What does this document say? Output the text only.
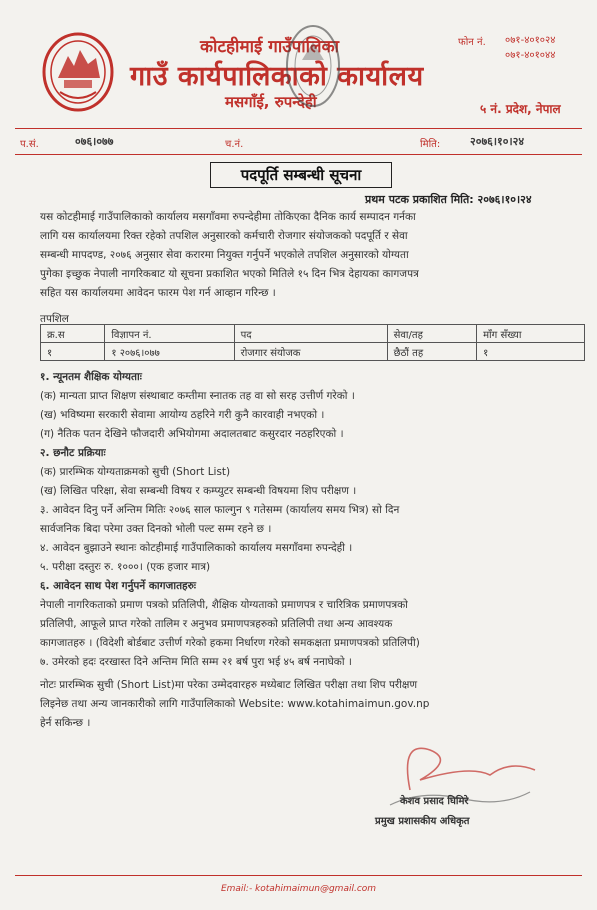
कोटहीमाई गाउँपालिका
गाउँ कार्यपालिकाको कार्यालय
मसगाँई, रुपन्देही
फोन नं. ०७१-४०१०२४
०७१-४०१०४४
५ नं. प्रदेश, नेपाल
प.सं.	०७६।०७७	च.नं.	मिति:	२०७६।१०।२४
पदपूर्ति सम्बन्धी सूचना
प्रथम पटक प्रकाशित मिति: २०७६।१०।२४

यस कोटहीमाई गाउँपालिकाको कार्यालय मसगाँवमा रुपन्देहीमा तोकिएका दैनिक कार्य सम्पादन गर्नका

लागि यस कार्यालयमा रिक्त रहेको तपशिल अनुसारको कर्मचारी रोजगार संयोजकको पदपूर्ति र सेवा

सम्बन्धी मापदण्ड, २०७६ अनुसार सेवा करारमा नियुक्त गर्नुपर्ने भएकोले तपशिल अनुसारको योग्यता

पुगेका इच्छुक नेपाली नागरिकबाट यो सूचना प्रकाशित भएको मितिले १५ दिन भित्र देहायका कागजपत्र

सहित यस कार्यालयमा आवेदन फारम पेश गर्न आव्हान गरिन्छ ।

तपशिल
क्र.स	विज्ञापन नं.	पद	सेवा/तह	माँग सँख्या
१	१ २०७६।०७७	रोजगार संयोजक	छैठौं तह	१
१. न्यूनतम शैक्षिक योग्यताः
(क) मान्यता प्राप्त शिक्षण संस्थाबाट कम्तीमा स्नातक तह वा सो सरह उत्तीर्ण गरेको ।
(ख) भविष्यमा सरकारी सेवामा आयोग्य ठहरिने गरी कुनै कारवाही नभएको ।
(ग) नैतिक पतन देखिने फौजदारी अभियोगमा अदालतबाट कसुरदार नठहरिएको ।
२. छनौट प्रक्रियाः
(क) प्रारम्भिक योग्यताक्रमको सुची (Short List)
(ख) लिखित परिक्षा, सेवा सम्बन्धी विषय र कम्प्युटर सम्बन्धी विषयमा शिप परीक्षण ।
३. आवेदन दिनु पर्ने अन्तिम मितिः २०७६ साल फाल्गुन ९ गतेसम्म (कार्यालय समय भित्र) सो दिन
सार्वजनिक बिदा परेमा उक्त दिनको भोली पल्ट सम्म रहने छ ।
४. आवेदन बुझाउने स्थानः कोटहीमाई गाउँपालिकाको कार्यालय मसगाँवमा रुपन्देही ।
५. परीक्षा दस्तुरः रु. १०००। (एक हजार मात्र)
६. आवेदन साथ पेश गर्नुपर्ने कागजातहरुः
नेपाली नागरिकताको प्रमाण पत्रको प्रतिलिपी, शैक्षिक योग्यताको प्रमाणपत्र र चारित्रिक प्रमाणपत्रको
प्रतिलिपी, आफूले प्राप्त गरेको तालिम र अनुभव प्रमाणपत्रहरुको प्रतिलिपी तथा अन्य आवश्यक
कागजातहरु । (विदेशी बोर्डबाट उत्तीर्ण गरेको हकमा निर्धारण गरेको समकक्षता प्रमाणपत्रको प्रतिलिपी)
७. उमेरको हदः दरखास्त दिने अन्तिम मिति सम्म २१ बर्ष पुरा भई ४५ बर्ष ननाघेको ।
नोटः प्रारम्भिक सुची (Short List)मा परेका उम्मेदवारहरु मध्येबाट लिखित परीक्षा तथा शिप परीक्षण
लिइनेछ तथा अन्य जानकारीको लागि गाउँपालिकाको Website: www.kotahimaimun.gov.np
हेर्न सकिन्छ ।
केशव प्रसाद घिमिरे
प्रमुख प्रशासकीय अधिकृत
Email:- kotahimaimun@gmail.com
